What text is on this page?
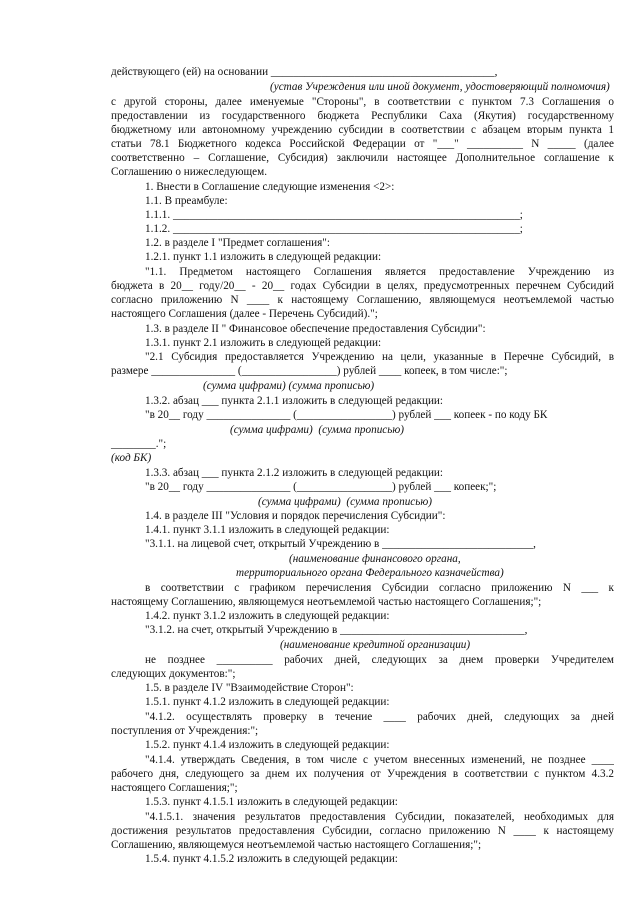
действующего (ей) на основании ________________________________________,
(устав Учреждения или иной документ, удостоверяющий полномочия)
с другой стороны, далее именуемые "Стороны", в соответствии с пунктом 7.3 Соглашения о
предоставлении из государственного бюджета Республики Саха (Якутия) государственному
бюджетному или автономному учреждению субсидии в соответствии с абзацем вторым пункта 1
статьи 78.1 Бюджетного кодекса Российской Федерации от "___" __________ N _____ (далее
соответственно – Соглашение, Субсидия) заключили настоящее Дополнительное соглашение к
Соглашению о нижеследующем.
1. Внести в Соглашение следующие изменения <2>:
1.1. В преамбуле:
1.1.1. ______________________________________________________________;
1.1.2. ______________________________________________________________;
1.2. в разделе I "Предмет соглашения":
1.2.1. пункт 1.1 изложить в следующей редакции:
"1.1. Предметом настоящего Соглашения является предоставление Учреждению из
бюджета в 20__ году/20__ - 20__ годах Субсидии в целях, предусмотренных перечнем Субсидий
согласно приложению N ____ к настоящему Соглашению, являющемуся неотъемлемой частью
настоящего Соглашения (далее - Перечень Субсидий).";
1.3. в разделе II " Финансовое обеспечение предоставления Субсидии":
1.3.1. пункт 2.1 изложить в следующей редакции:
"2.1 Субсидия предоставляется Учреждению на цели, указанные в Перечне Субсидий, в
размере _______________ (_________________) рублей ____ копеек, в том числе:";
(сумма цифрами) (сумма прописью)
1.3.2. абзац ___ пункта 2.1.1 изложить в следующей редакции:
"в 20__ году _______________ (_________________) рублей ___ копеек - по коду БК
(сумма цифрами)  (сумма прописью)
________.";
(код БК)
1.3.3. абзац ___ пункта 2.1.2 изложить в следующей редакции:
"в 20__ году _______________ (_________________) рублей ___ копеек;";
(сумма цифрами)  (сумма прописью)
1.4. в разделе III "Условия и порядок перечисления Субсидии":
1.4.1. пункт 3.1.1 изложить в следующей редакции:
"3.1.1. на лицевой счет, открытый Учреждению в ___________________________,
(наименование финансового органа,
территориального органа Федерального казначейства)
в соответствии с графиком перечисления Субсидии согласно приложению N ___ к
настоящему Соглашению, являющемуся неотъемлемой частью настоящего Соглашения;";
1.4.2. пункт 3.1.2 изложить в следующей редакции:
"3.1.2. на счет, открытый Учреждению в _________________________________,
(наименование кредитной организации)
не позднее __________ рабочих дней, следующих за днем проверки Учредителем
следующих документов:";
1.5. в разделе IV "Взаимодействие Сторон":
1.5.1. пункт 4.1.2 изложить в следующей редакции:
"4.1.2. осуществлять проверку в течение ____ рабочих дней, следующих за дней
поступления от Учреждения:";
1.5.2. пункт 4.1.4 изложить в следующей редакции:
"4.1.4. утверждать Сведения, в том числе с учетом внесенных изменений, не позднее ____
рабочего дня, следующего за днем их получения от Учреждения в соответствии с пунктом 4.3.2
настоящего Соглашения;";
1.5.3. пункт 4.1.5.1 изложить в следующей редакции:
"4.1.5.1. значения результатов предоставления Субсидии, показателей, необходимых для
достижения результатов предоставления Субсидии, согласно приложению N ____ к настоящему
Соглашению, являющемуся неотъемлемой частью настоящего Соглашения;";
1.5.4. пункт 4.1.5.2 изложить в следующей редакции:
